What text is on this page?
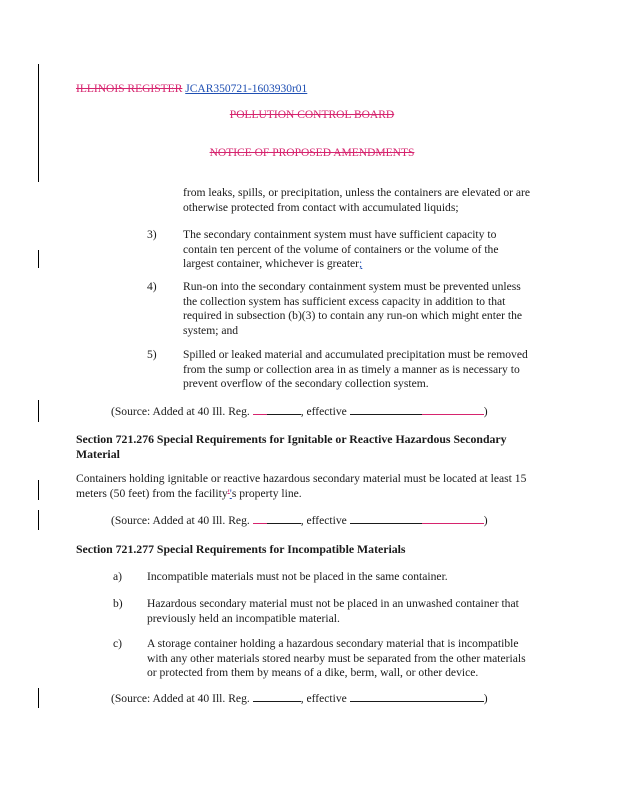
ILLINOIS REGISTER JCAR350721-1603930r01
POLLUTION CONTROL BOARD
NOTICE OF PROPOSED AMENDMENTS
from leaks, spills, or precipitation, unless the containers are elevated or are
otherwise protected from contact with accumulated liquids;
3) The secondary containment system must have sufficient capacity to
contain ten percent of the volume of containers or the volume of the
largest container, whichever is greater;
4) Run-on into the secondary containment system must be prevented unless
the collection system has sufficient excess capacity in addition to that
required in subsection (b)(3) to contain any run-on which might enter the
system; and
5) Spilled or leaked material and accumulated precipitation must be removed
from the sump or collection area in as timely a manner as is necessary to
prevent overflow of the secondary collection system.
(Source: Added at 40 Ill. Reg.	, effective	)
Section 721.276 Special Requirements for Ignitable or Reactive Hazardous Secondary
Material
Containers holding ignitable or reactive hazardous secondary material must be located at least 15
meters (50 feet) from the facility''s property line.
(Source: Added at 40 Ill. Reg.	, effective	)
Section 721.277 Special Requirements for Incompatible Materials
a) Incompatible materials must not be placed in the same container.
b) Hazardous secondary material must not be placed in an unwashed container that
previously held an incompatible material.
c) A storage container holding a hazardous secondary material that is incompatible
with any other materials stored nearby must be separated from the other materials
or protected from them by means of a dike, berm, wall, or other device.
(Source: Added at 40 Ill. Reg.	, effective	)
